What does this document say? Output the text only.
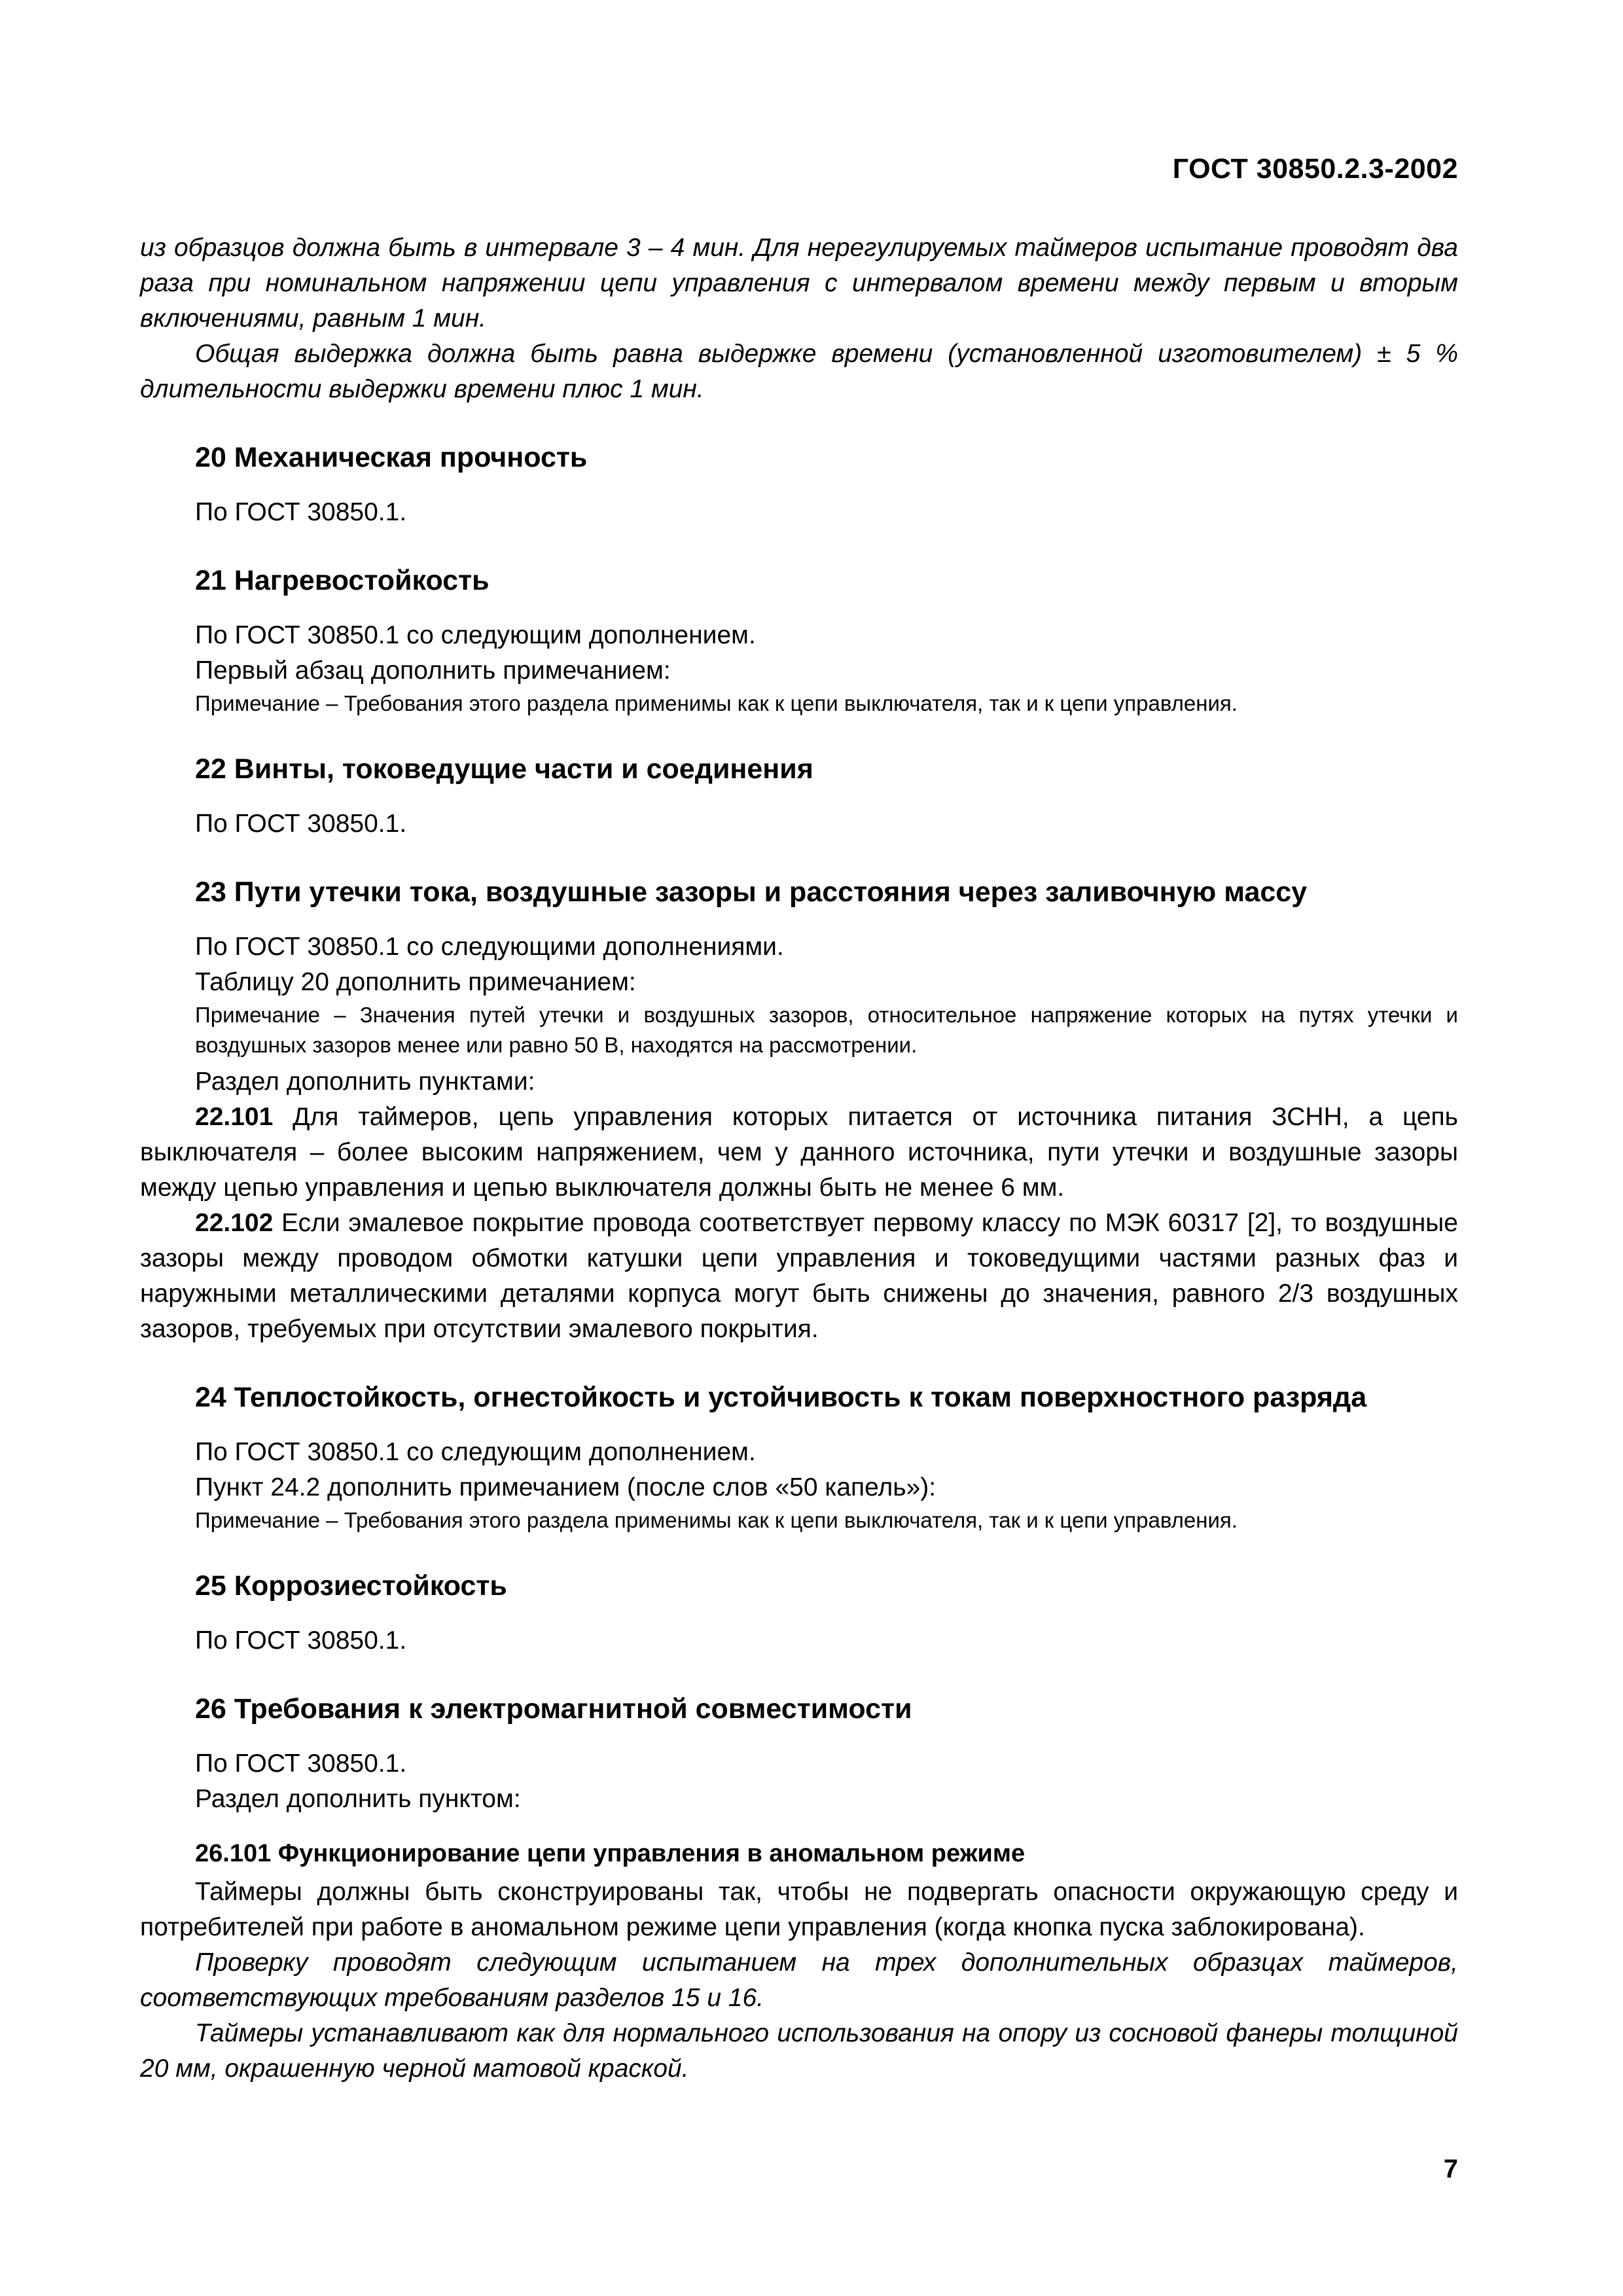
ГОСТ 30850.2.3-2002

из образцов должна быть в интервале 3 – 4 мин. Для нерегулируемых таймеров испытание проводят два раза при номинальном напряжении цепи управления с интервалом времени между первым и вторым включениями, равным 1 мин.

Общая выдержка должна быть равна выдержке времени (установленной изготовителем) ± 5 % длительности выдержки времени плюс 1 мин.

20 Механическая прочность

По ГОСТ 30850.1.

21 Нагревостойкость

По ГОСТ 30850.1 со следующим дополнением.

Первый абзац дополнить примечанием:

Примечание – Требования этого раздела применимы как к цепи выключателя, так и к цепи управления.

22 Винты, токоведущие части и соединения

По ГОСТ 30850.1.

23 Пути утечки тока, воздушные зазоры и расстояния через заливочную массу

По ГОСТ 30850.1 со следующими дополнениями.

Таблицу 20 дополнить примечанием:

Примечание – Значения путей утечки и воздушных зазоров, относительное напряжение которых на путях утечки и воздушных зазоров менее или равно 50 В, находятся на рассмотрении.

Раздел дополнить пунктами:

22.101 Для таймеров, цепь управления которых питается от источника питания ЗСНН, а цепь выключателя – более высоким напряжением, чем у данного источника, пути утечки и воздушные зазоры между цепью управления и цепью выключателя должны быть не менее 6 мм.

22.102 Если эмалевое покрытие провода соответствует первому классу по МЭК 60317 [2], то воздушные зазоры между проводом обмотки катушки цепи управления и токоведущими частями разных фаз и наружными металлическими деталями корпуса могут быть снижены до значения, равного 2/3 воздушных зазоров, требуемых при отсутствии эмалевого покрытия.

24 Теплостойкость, огнестойкость и устойчивость к токам поверхностного разряда

По ГОСТ 30850.1 со следующим дополнением.

Пункт 24.2 дополнить примечанием (после слов «50 капель»):

Примечание – Требования этого раздела применимы как к цепи выключателя, так и к цепи управления.

25 Коррозиестойкость

По ГОСТ 30850.1.

26 Требования к электромагнитной совместимости

По ГОСТ 30850.1.

Раздел дополнить пунктом:

26.101 Функционирование цепи управления в аномальном режиме

Таймеры должны быть сконструированы так, чтобы не подвергать опасности окружающую среду и потребителей при работе в аномальном режиме цепи управления (когда кнопка пуска заблокирована).

Проверку проводят следующим испытанием на трех дополнительных образцах таймеров, соответствующих требованиям разделов 15 и 16.

Таймеры устанавливают как для нормального использования на опору из сосновой фанеры толщиной 20 мм, окрашенную черной матовой краской.

7
